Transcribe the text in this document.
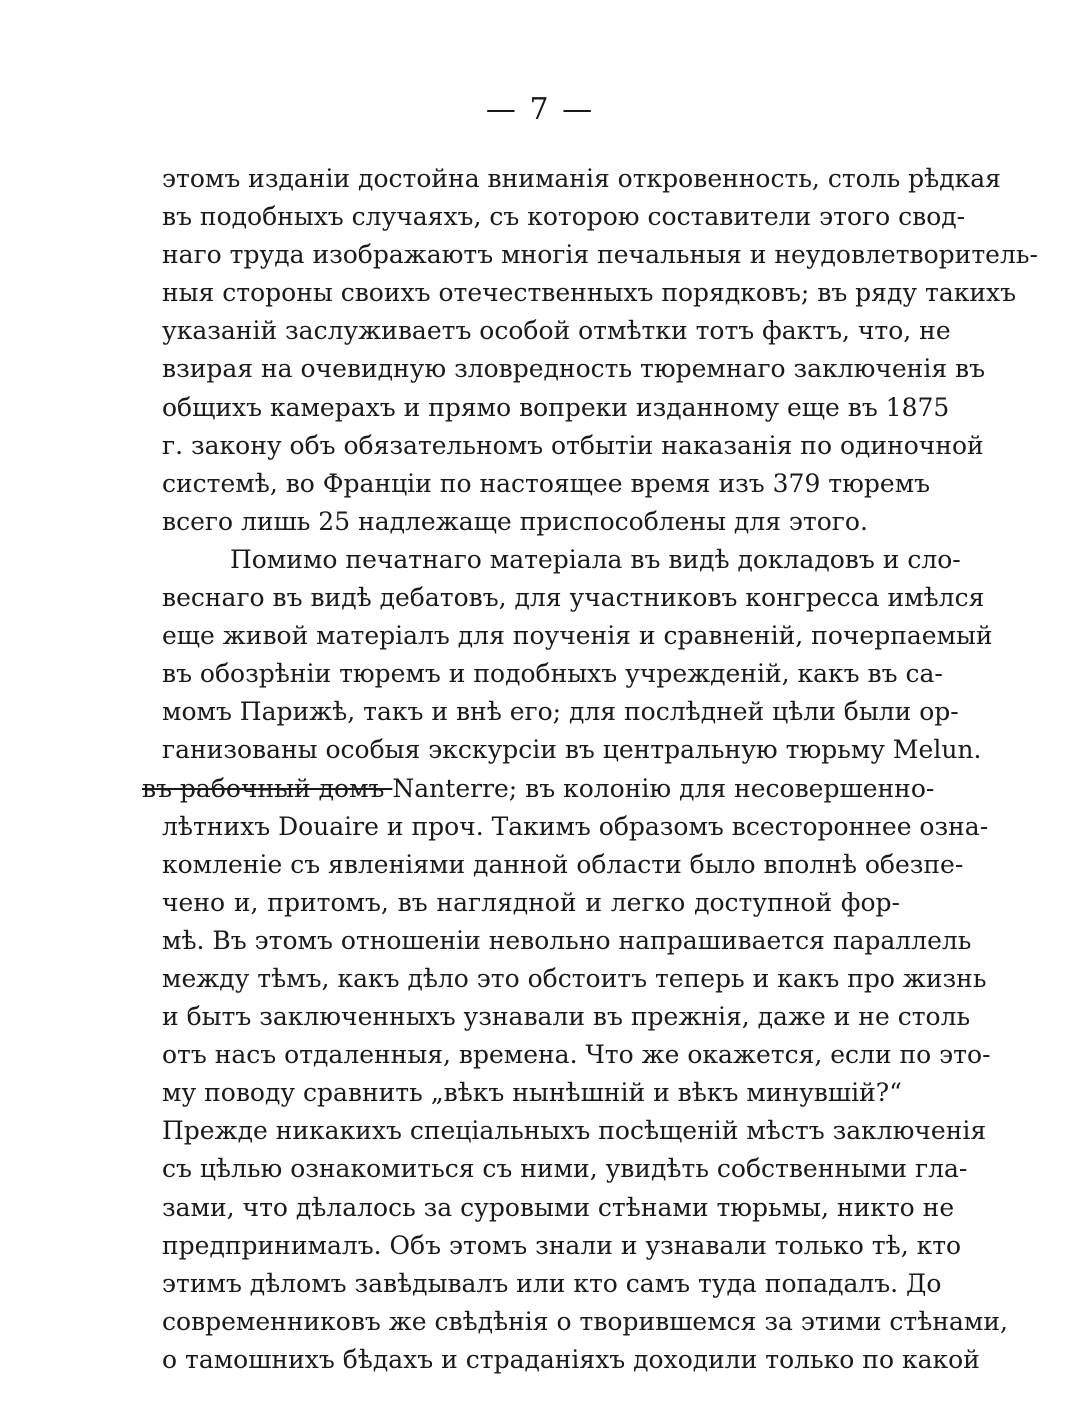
— 7 —
этомъ изданіи достойна вниманія откровенность, столь рѣдкая
въ подобныхъ случаяхъ, съ которою составители этого свод-
наго труда изображаютъ многія печальныя и неудовлетворитель-
ныя стороны своихъ отечественныхъ порядковъ; въ ряду такихъ
указаній заслуживаетъ особой отмѣтки тотъ фактъ, что, не
взирая на очевидную зловредность тюремнаго заключенія въ
общихъ камерахъ и прямо вопреки изданному еще въ 1875
г. закону объ обязательномъ отбытіи наказанія по одиночной
системѣ, во Франціи по настоящее время изъ 379 тюремъ
всего лишь 25 надлежаще приспособлены для этого.
Помимо печатнаго матеріала въ видѣ докладовъ и сло-
веснаго въ видѣ дебатовъ, для участниковъ конгресса имѣлся
еще живой матеріалъ для поученія и сравненій, почерпаемый
въ обозрѣніи тюремъ и подобныхъ учрежденій, какъ въ са-
момъ Парижѣ, такъ и внѣ его; для послѣдней цѣли были ор-
ганизованы особыя экскурсіи въ центральную тюрьму Melun.
въ рабочный домъ Nanterre; въ колонію для несовершенно-
лѣтнихъ Douaire и проч. Такимъ образомъ всестороннее озна-
комленіе съ явленіями данной области было вполнѣ обезпе-
чено и, притомъ, въ наглядной и легко доступной фор-
мѣ. Въ этомъ отношеніи невольно напрашивается параллель
между тѣмъ, какъ дѣло это обстоитъ теперь и какъ про жизнь
и бытъ заключенныхъ узнавали въ прежнія, даже и не столь
отъ насъ отдаленныя, времена. Что же окажется, если по это-
му поводу сравнить „вѣкъ нынѣшній и вѣкъ минувшій?“
Прежде никакихъ спеціальныхъ посѣщеній мѣстъ заключенія
съ цѣлью ознакомиться съ ними, увидѣть собственными гла-
зами, что дѣлалось за суровыми стѣнами тюрьмы, никто не
предпринималъ. Объ этомъ знали и узнавали только тѣ, кто
этимъ дѣломъ завѣдывалъ или кто самъ туда попадалъ. До
современниковъ же свѣдѣнія о творившемся за этими стѣнами,
о тамошнихъ бѣдахъ и страданіяхъ доходили только по какой
